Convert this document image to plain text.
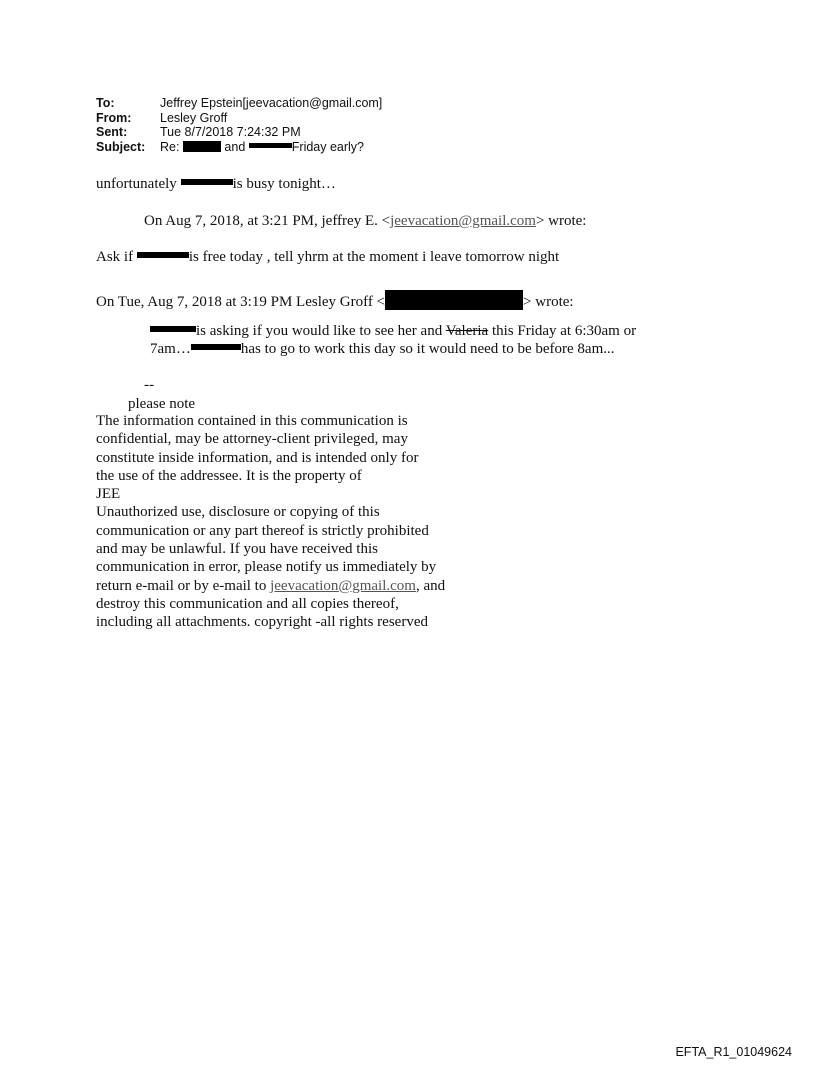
To:	Jeffrey Epstein[jeevacation@gmail.com]
From:	Lesley Groff
Sent:	Tue 8/7/2018 7:24:32 PM
Subject:	Re:	and	Friday early?
unfortunately	is busy tonight…
On Aug 7, 2018, at 3:21 PM, jeffrey E. <jeevacation@gmail.com> wrote:
Ask if	is free today , tell yhrm at the moment i leave tomorrow night
On Tue, Aug 7, 2018 at 3:19 PM Lesley Groff <	> wrote:
is asking if you would like to see her and Valeria this Friday at 6:30am or
7am…	has to go to work this day so it would need to be before 8am...
--
please note
The information contained in this communication is
confidential, may be attorney-client privileged, may
constitute inside information, and is intended only for
the use of the addressee. It is the property of
JEE
Unauthorized use, disclosure or copying of this
communication or any part thereof is strictly prohibited
and may be unlawful. If you have received this
communication in error, please notify us immediately by
return e-mail or by e-mail to jeevacation@gmail.com, and
destroy this communication and all copies thereof,
including all attachments. copyright -all rights reserved
EFTA_R1_01049624
